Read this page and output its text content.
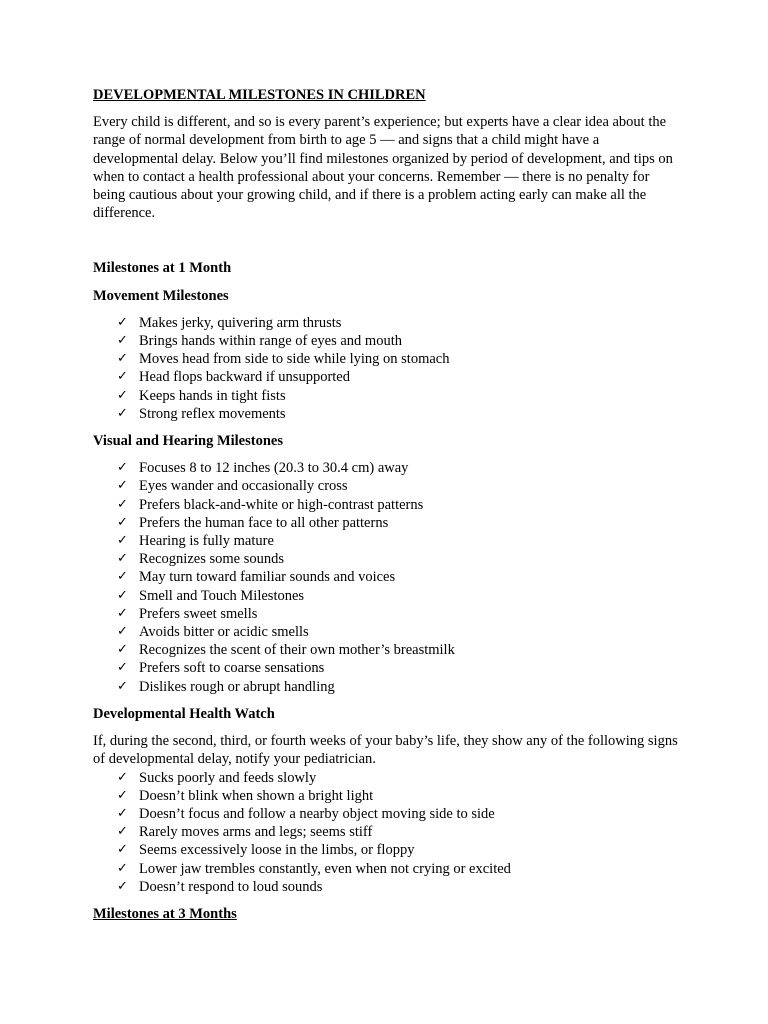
DEVELOPMENTAL MILESTONES IN CHILDREN

Every child is different, and so is every parent’s experience; but experts have a clear idea about the range of normal development from birth to age 5 — and signs that a child might have a developmental delay. Below you’ll find milestones organized by period of development, and tips on when to contact a health professional about your concerns. Remember — there is no penalty for being cautious about your growing child, and if there is a problem acting early can make all the difference.

Milestones at 1 Month
Movement Milestones
✓ Makes jerky, quivering arm thrusts
✓ Brings hands within range of eyes and mouth
✓ Moves head from side to side while lying on stomach
✓ Head flops backward if unsupported
✓ Keeps hands in tight fists
✓ Strong reflex movements
Visual and Hearing Milestones
✓ Focuses 8 to 12 inches (20.3 to 30.4 cm) away
✓ Eyes wander and occasionally cross
✓ Prefers black-and-white or high-contrast patterns
✓ Prefers the human face to all other patterns
✓ Hearing is fully mature
✓ Recognizes some sounds
✓ May turn toward familiar sounds and voices
✓ Smell and Touch Milestones
✓ Prefers sweet smells
✓ Avoids bitter or acidic smells
✓ Recognizes the scent of their own mother’s breastmilk
✓ Prefers soft to coarse sensations
✓ Dislikes rough or abrupt handling
Developmental Health Watch

If, during the second, third, or fourth weeks of your baby’s life, they show any of the following signs of developmental delay, notify your pediatrician.

✓ Sucks poorly and feeds slowly
✓ Doesn’t blink when shown a bright light
✓ Doesn’t focus and follow a nearby object moving side to side
✓ Rarely moves arms and legs; seems stiff
✓ Seems excessively loose in the limbs, or floppy
✓ Lower jaw trembles constantly, even when not crying or excited
✓ Doesn’t respond to loud sounds
Milestones at 3 Months
